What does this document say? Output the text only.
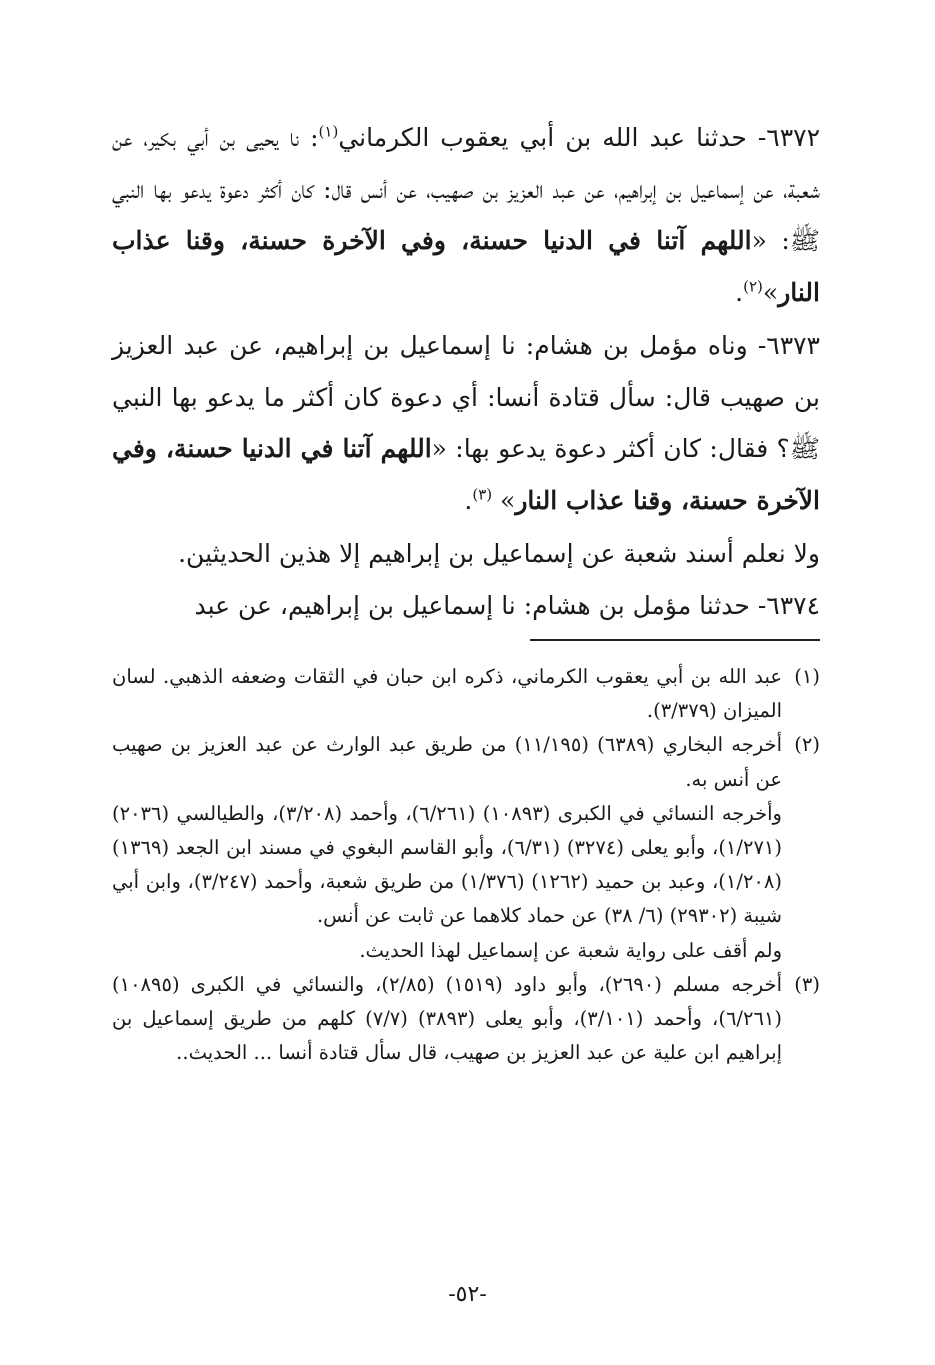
٦٣٧٢- حدثنا عبد الله بن أبي يعقوب الكرماني$^{(١)}$: نا يحيى بن أبي بكير، عن شعبة، عن إسماعيل بن إبراهيم، عن عبد العزيز بن صهيب، عن أنس قال: كان أكثر دعوة يدعو بها النبي ﷺ: «اللهم آتنا في الدنيا حسنة، وفي الآخرة حسنة، وقنا عذاب النار»$^{(٢)}$.

٦٣٧٣- وناه مؤمل بن هشام: نا إسماعيل بن إبراهيم، عن عبد العزيز بن صهيب قال: سأل قتادة أنسا: أي دعوة كان أكثر ما يدعو بها النبي ﷺ؟ فقال: كان أكثر دعوة يدعو بها: «اللهم آتنا في الدنيا حسنة، وفي الآخرة حسنة، وقنا عذاب النار» $^{(٣)}$.

ولا نعلم أسند شعبة عن إسماعيل بن إبراهيم إلا هذين الحديثين.

٦٣٧٤- حدثنا مؤمل بن هشام: نا إسماعيل بن إبراهيم، عن عبد

(١)

عبد الله بن أبي يعقوب الكرماني، ذكره ابن حبان في الثقات وضعفه الذهبي. لسان الميزان (٣/٣٧٩).

(٢)

أخرجه البخاري (٦٣٨٩) (١١/١٩٥) من طريق عبد الوارث عن عبد العزيز بن صهيب عن أنس به.

وأخرجه النسائي في الكبرى (١٠٨٩٣) (٦/٢٦١)، وأحمد (٣/٢٠٨)، والطيالسي (٢٠٣٦) (١/٢٧١)، وأبو يعلى (٣٢٧٤) (٦/٣١)، وأبو القاسم البغوي في مسند ابن الجعد (١٣٦٩) (١/٢٠٨)، وعبد بن حميد (١٢٦٢) (١/٣٧٦) من طريق شعبة، وأحمد (٣/٢٤٧)، وابن أبي شيبة (٢٩٣٠٢) (٦/ ٣٨) عن حماد كلاهما عن ثابت عن أنس.

ولم أقف على رواية شعبة عن إسماعيل لهذا الحديث.

(٣)

أخرجه مسلم (٢٦٩٠)، وأبو داود (١٥١٩) (٢/٨٥)، والنسائي في الكبرى (١٠٨٩٥) (٦/٢٦١)، وأحمد (٣/١٠١)، وأبو يعلى (٣٨٩٣) (٧/٧) كلهم من طريق إسماعيل بن إبراهيم ابن علية عن عبد العزيز بن صهيب، قال سأل قتادة أنسا ... الحديث..

-٥٢-
